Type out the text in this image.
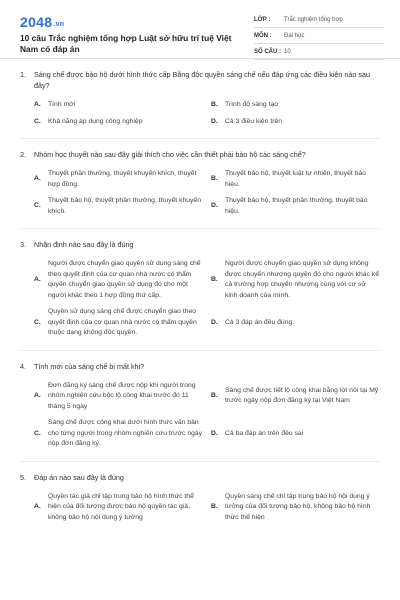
2048.vn
10 câu Trắc nghiệm tổng hợp Luật sở hữu trí tuệ Việt Nam có đáp án
LỚP :	Trắc nghiệm tổng hợp
MÔN :	Đại học
SỐ CÂU : 10
1.	Sáng chế được bảo hộ dưới hình thức cấp Bằng độc quyền sáng chế nếu đáp ứng các điều kiện nào sau đây?
A.	Tính mới	B.	Trình độ sáng tạo
C.	Khả năng áp dụng công nghiệp	D.	Cả 3 điều kiện trên
2.	Nhóm học thuyết nào sau đây giải thích cho việc cần thiết phải bảo hộ các sáng chế?
A.
Thuyết phần thưởng, thuyết khuyến khích, thuyết hợp đồng.
B.
Thuyết bảo hộ, thuyết luật tự nhiên, thuyết bảo hiệu.
C.
Thuyết bảo hộ, thuyết phần thưởng, thuyết khuyến khích.
D.
Thuyết bảo hộ, thuyết phần thưởng, thuyết bảo hiệu.
3.	Nhận định nào sau đây là đúng
A.
Người được chuyển giao quyền sử dụng sáng chế theo quyết định của cơ quan nhà nước có thẩm quyền chuyển giao quyền sử dụng đó cho một người khác theo 1 hợp đồng thứ cấp.
B.
Người được chuyển giao quyền sử dụng không được chuyển nhượng quyền đó cho người khác kể cả trường hợp chuyển nhượng cùng với cơ sở kinh doanh của mình.
C.
Quyền sử dụng sáng chế được chuyển giao theo quyết định của cơ quan nhà nước có thẩm quyền thuộc dạng không độc quyền.
D.	Cả 3 đáp án đều đúng.
4.	Tính mới của sáng chế bị mất khi?
A.
Đơn đăng ký sáng chế được nộp khi người trong nhóm nghiên cứu bộc lộ công khai trước đó 11 tháng 5 ngày
B.
Sáng chế được tiết lộ công khai bằng lời nói tại Mỹ trước ngày nộp đơn đăng ký tại Việt Nam
C.
Sáng chế được công khai dưới hình thức văn bản cho từng người trong nhóm nghiên cứu trước ngày nộp đơn đăng ký.
D.	Cả ba đáp án trên đều sai
5.	Đáp án nào sau đây là đúng
A.
Quyền tác giả chỉ tập trung bảo hộ hình thức thể hiện của đối tượng được bảo hộ quyền tác giả, không bảo hộ nội dung ý tưởng
B.
Quyền sáng chế chỉ tập trung bảo hộ nội dung ý tưởng của đối tượng bảo hộ, không bảo hộ hình thức thể hiện
